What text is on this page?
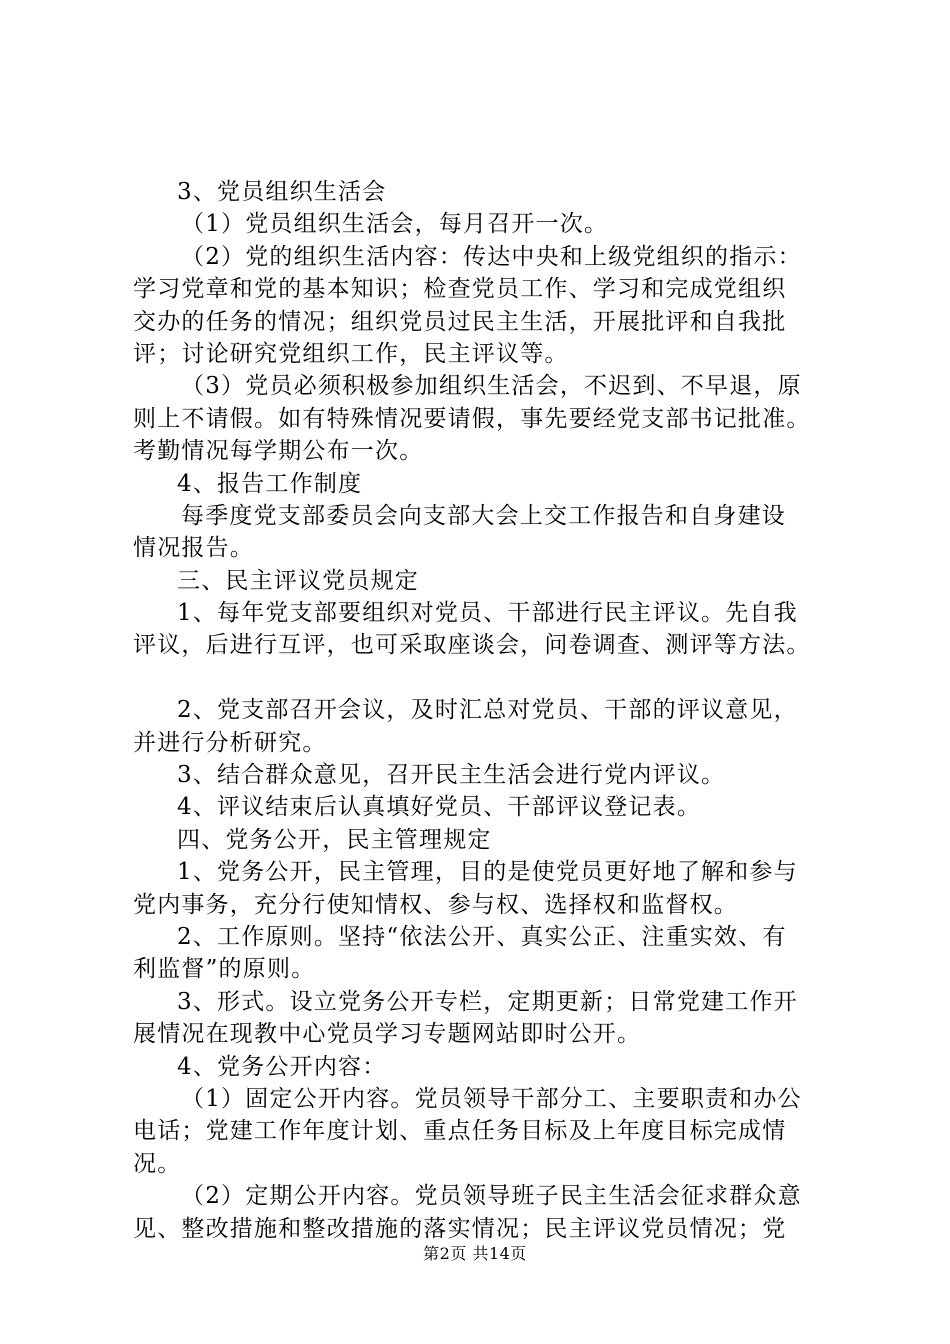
3、党员组织生活会
（1）党员组织生活会，每月召开一次。
（2）党的组织生活内容：传达中央和上级党组织的指示：
学习党章和党的基本知识；检查党员工作、学习和完成党组织
交办的任务的情况；组织党员过民主生活，开展批评和自我批
评；讨论研究党组织工作，民主评议等。
（3）党员必须积极参加组织生活会，不迟到、不早退，原
则上不请假。如有特殊情况要请假，事先要经党支部书记批准。
考勤情况每学期公布一次。
4、报告工作制度
每季度党支部委员会向支部大会上交工作报告和自身建设
情况报告。
三、民主评议党员规定
1、每年党支部要组织对党员、干部进行民主评议。先自我
评议，后进行互评，也可采取座谈会，问卷调查、测评等方法。
2、党支部召开会议，及时汇总对党员、干部的评议意见，
并进行分析研究。
3、结合群众意见，召开民主生活会进行党内评议。
4、评议结束后认真填好党员、干部评议登记表。
四、党务公开，民主管理规定
1、党务公开，民主管理，目的是使党员更好地了解和参与
党内事务，充分行使知情权、参与权、选择权和监督权。
2、工作原则。坚持“依法公开、真实公正、注重实效、有
利监督”的原则。
3、形式。设立党务公开专栏，定期更新；日常党建工作开
展情况在现教中心党员学习专题网站即时公开。
4、党务公开内容：
（1）固定公开内容。党员领导干部分工、主要职责和办公
电话；党建工作年度计划、重点任务目标及上年度目标完成情
况。
（2）定期公开内容。党员领导班子民主生活会征求群众意
见、整改措施和整改措施的落实情况；民主评议党员情况；党
第2页 共14页
